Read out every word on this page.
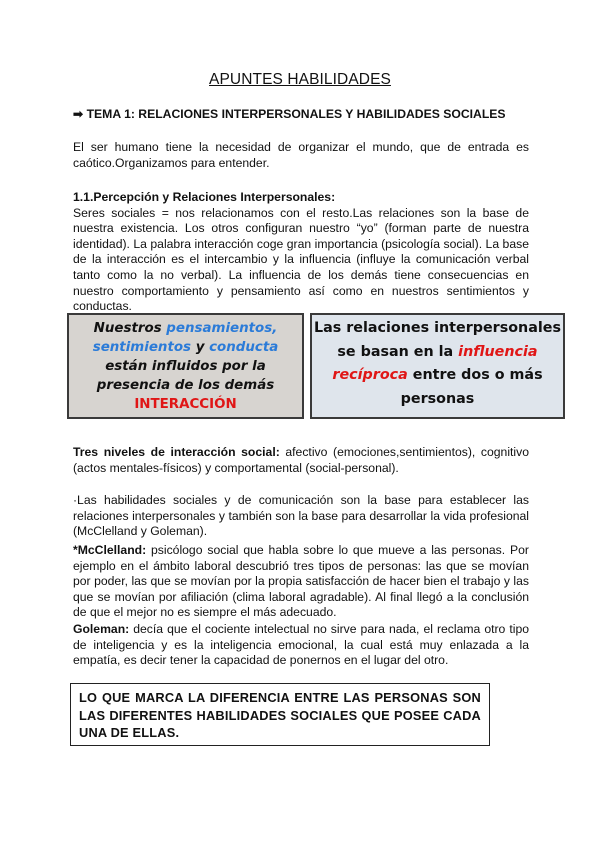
APUNTES HABILIDADES
➡ TEMA 1: RELACIONES INTERPERSONALES Y HABILIDADES SOCIALES

El ser humano tiene la necesidad de organizar el mundo, que de entrada es caótico.Organizamos para entender.

1.1.Percepción y Relaciones Interpersonales:
Seres sociales = nos relacionamos con el resto.Las relaciones son la base de nuestra existencia. Los otros configuran nuestro “yo” (forman parte de nuestra identidad). La palabra interacción coge gran importancia (psicología social). La base de la interacción es el intercambio y la influencia (influye la comunicación verbal tanto como la no verbal). La influencia de los demás tiene consecuencias en nuestro comportamiento y pensamiento así como en nuestros sentimientos y conductas.
Nuestros pensamientos,
sentimientos y conducta
están influidos por la
presencia de los demás
INTERACCIÓN
Las relaciones interpersonales
se basan en la influencia
recíproca entre dos o más
personas

Tres niveles de interacción social: afectivo (emociones,sentimientos), cognitivo (actos mentales-físicos) y comportamental (social-personal).

·Las habilidades sociales y de comunicación son la base para establecer las relaciones interpersonales y también son la base para desarrollar la vida profesional (McClelland y Goleman).

*McClelland: psicólogo social que habla sobre lo que mueve a las personas. Por ejemplo en el ámbito laboral descubrió tres tipos de personas: las que se movían por poder, las que se movían por la propia satisfacción de hacer bien el trabajo y las que se movían por afiliación (clima laboral agradable). Al final llegó a la conclusión de que el mejor no es siempre el más adecuado.

Goleman: decía que el cociente intelectual no sirve para nada, el reclama otro tipo de inteligencia y es la inteligencia emocional, la cual está muy enlazada a la empatía, es decir tener la capacidad de ponernos en el lugar del otro.

LO QUE MARCA LA DIFERENCIA ENTRE LAS PERSONAS SON LAS DIFERENTES HABILIDADES SOCIALES QUE POSEE CADA UNA DE ELLAS.
